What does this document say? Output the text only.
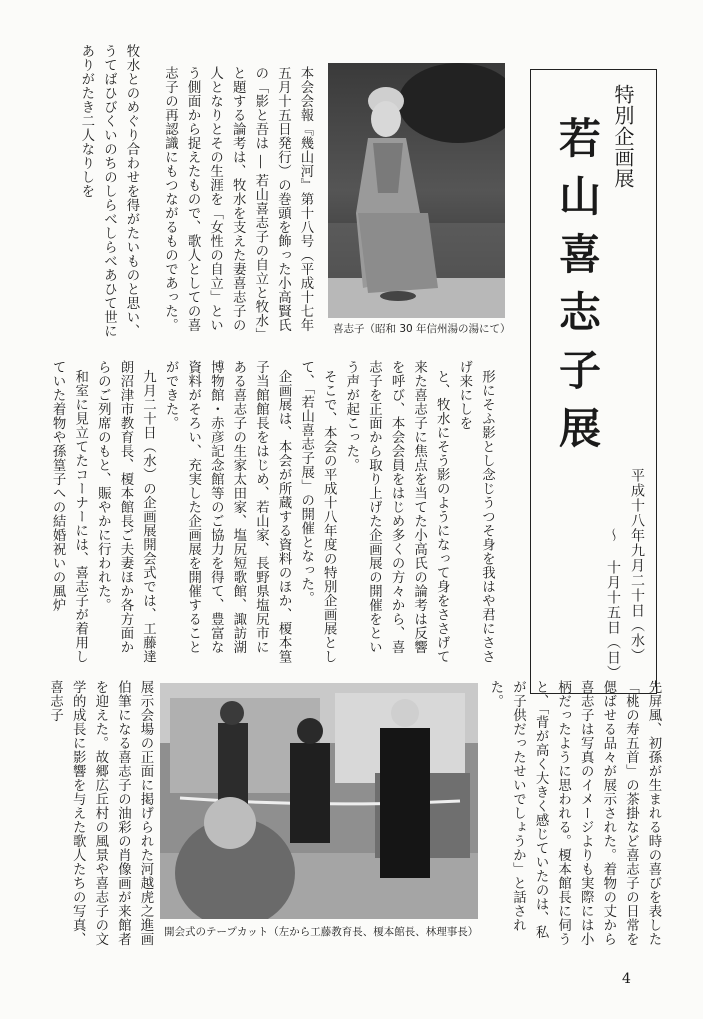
牧水とのめぐり合わせを得がたいものと思い、
うてばひびくいのちのしらべしらべあひて世にありがたき二人なりしを	本会会報『幾山河』第十八号（平成十七年五月十五日発行）の巻頭を飾った小高賢氏の「影と吾は ― 若山喜志子の自立と牧水」と題する論考は、牧水を支えた妻喜志子の人となりとその生涯を「女性の自立」という側面から捉えたもので、歌人としての喜志子の再認識にもつながるものであった。	喜志子（昭和 30 年信州湯の湯にて）
特別企画展
若山喜志子展
平成十八年九月二十日（水）
〜 十月十五日（日）

形にそふ影とし念じうつそ身を我はや君にささげ来にしを
と、牧水にそう影のようになって身をささげて来た喜志子に焦点を当てた小高氏の論考は反響を呼び、本会会員をはじめ多くの方々から、喜志子を正面から取り上げた企画展の開催をという声が起こった。
そこで、本会の平成十八年度の特別企画展として、「若山喜志子展」の開催となった。
企画展は、本会が所蔵する資料のほか、榎本篁子当館館長をはじめ、若山家、長野県塩尻市にある喜志子の生家太田家、塩尻短歌館、諏訪湖博物館・赤彦記念館等のご協力を得て、豊富な資料がそろい、充実した企画展を開催することができた。
九月二十日（水）の企画展開会式では、工藤達朗沼津市教育長、榎本館長ご夫妻ほか各方面からのご列席のもと、賑やかに行われた。
和室に見立てたコーナーには、喜志子が着用していた着物や孫篁子への結婚祝いの風炉

先屏風、初孫が生まれる時の喜びを表した「桃の寿五首」の茶掛など喜志子の日常を偲ばせる品々が展示された。着物の丈から喜志子は写真のイメージよりも実際には小柄だったように思われる。榎本館長に伺うと、「背が高く大きく感じていたのは、私が子供だったせいでしょうか」と話された。
開会式のテープカット（左から工藤教育長、榎本館長、林理事長）
展示会場の正面に掲げられた河越虎之進画伯筆になる喜志子の油彩の肖像画が来館者を迎えた。故郷広丘村の風景や喜志子の文学的成長に影響を与えた歌人たちの写真、喜志子
4
